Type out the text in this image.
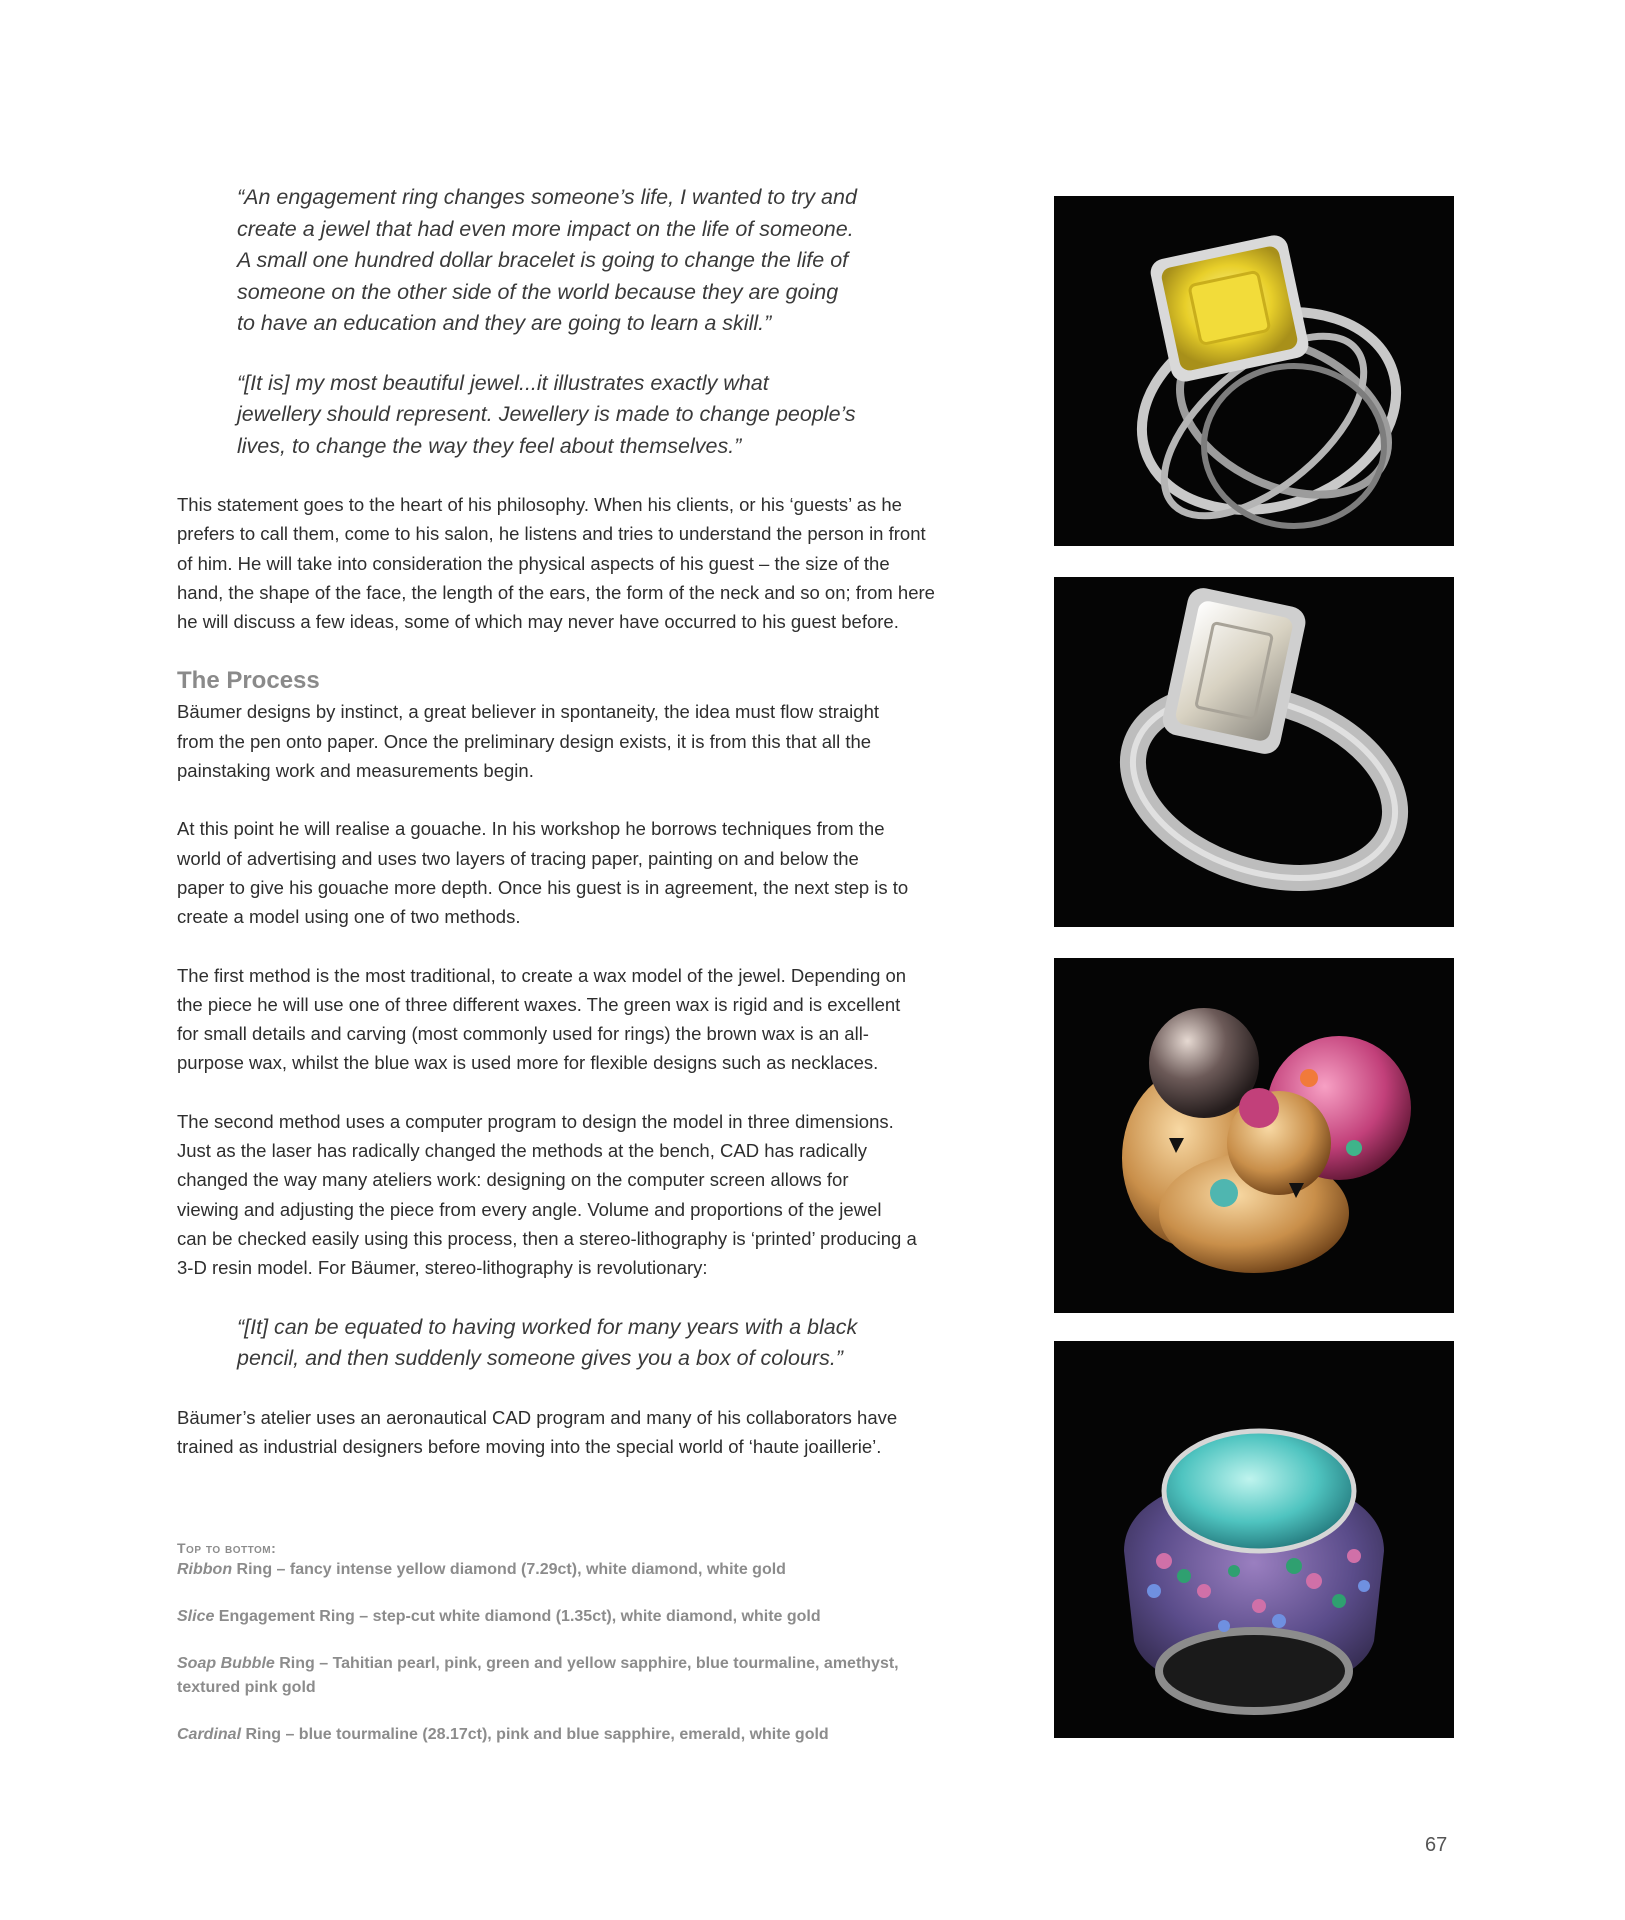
“An engagement ring changes someone’s life, I wanted to try and
create a jewel that had even more impact on the life of someone.
A small one hundred dollar bracelet is going to change the life of
someone on the other side of the world because they are going
to have an education and they are going to learn a skill.”

“[It is] my most beautiful jewel...it illustrates exactly what
jewellery should represent. Jewellery is made to change people’s
lives, to change the way they feel about themselves.”

This statement goes to the heart of his philosophy. When his clients, or his ‘guests’ as he
prefers to call them, come to his salon, he listens and tries to understand the person in front
of him. He will take into consideration the physical aspects of his guest – the size of the
hand, the shape of the face, the length of the ears, the form of the neck and so on; from here
he will discuss a few ideas, some of which may never have occurred to his guest before.

The Process

Bäumer designs by instinct, a great believer in spontaneity, the idea must flow straight
from the pen onto paper. Once the preliminary design exists, it is from this that all the
painstaking work and measurements begin.

At this point he will realise a gouache. In his workshop he borrows techniques from the
world of advertising and uses two layers of tracing paper, painting on and below the
paper to give his gouache more depth. Once his guest is in agreement, the next step is to
create a model using one of two methods.

The first method is the most traditional, to create a wax model of the jewel. Depending on
the piece he will use one of three different waxes. The green wax is rigid and is excellent
for small details and carving (most commonly used for rings) the brown wax is an all-
purpose wax, whilst the blue wax is used more for flexible designs such as necklaces.

The second method uses a computer program to design the model in three dimensions.
Just as the laser has radically changed the methods at the bench, CAD has radically
changed the way many ateliers work: designing on the computer screen allows for
viewing and adjusting the piece from every angle. Volume and proportions of the jewel
can be checked easily using this process, then a stereo-lithography is ‘printed’ producing a
3-D resin model. For Bäumer, stereo-lithography is revolutionary:

“[It] can be equated to having worked for many years with a black
pencil, and then suddenly someone gives you a box of colours.”

Bäumer’s atelier uses an aeronautical CAD program and many of his collaborators have
trained as industrial designers before moving into the special world of ‘haute joaillerie’.

Top to bottom:

Ribbon Ring – fancy intense yellow diamond (7.29ct), white diamond, white gold

Slice Engagement Ring – step-cut white diamond (1.35ct), white diamond, white gold

Soap Bubble Ring – Tahitian pearl, pink, green and yellow sapphire, blue tourmaline, amethyst,
textured pink gold

Cardinal Ring – blue tourmaline (28.17ct), pink and blue sapphire, emerald, white gold

67
